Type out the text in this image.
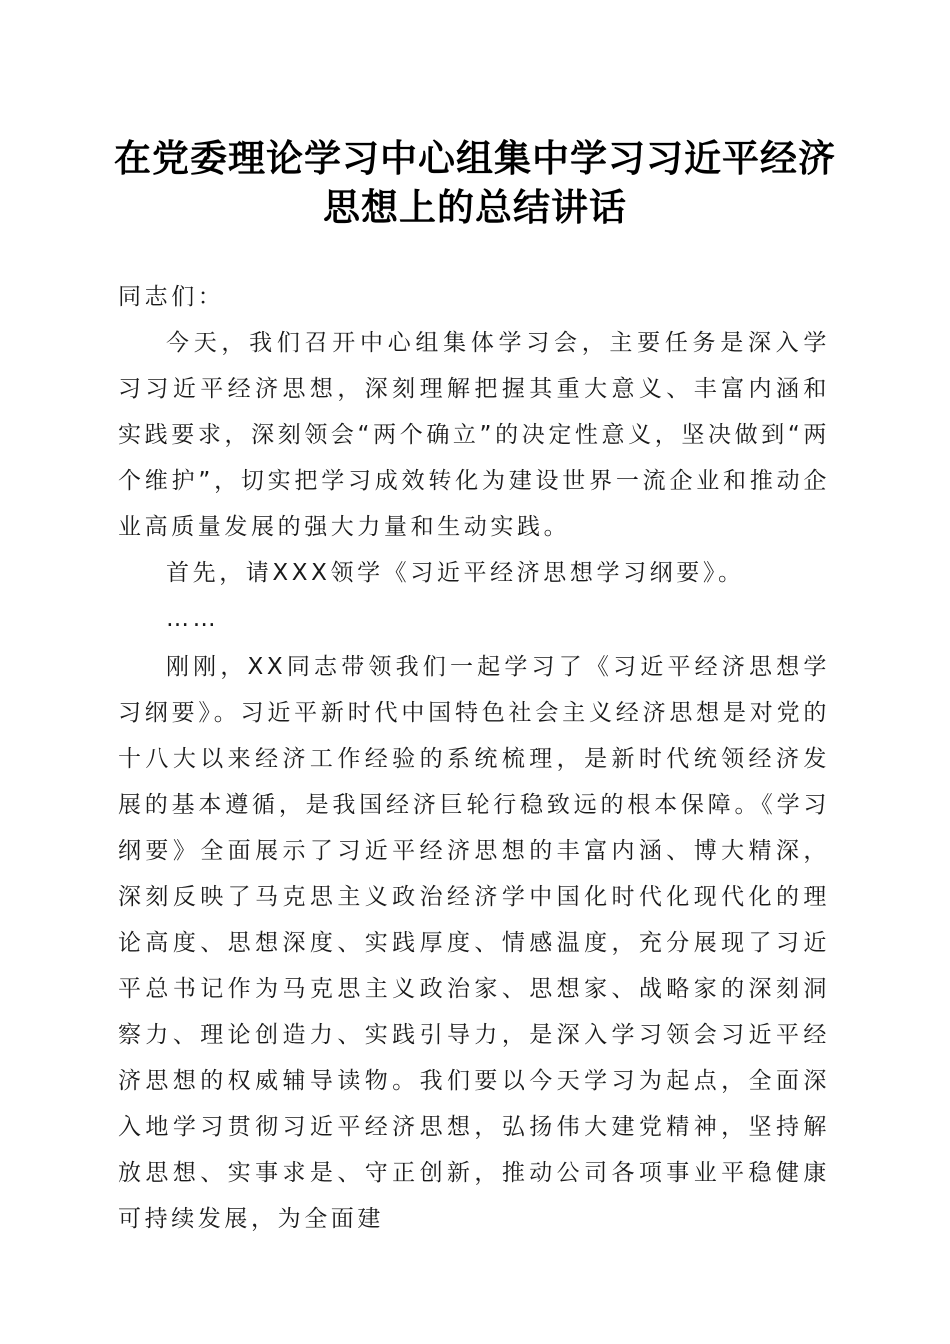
在党委理论学习中心组集中学习习近平经济思想上的总结讲话

同志们：

今天，我们召开中心组集体学习会，主要任务是深入学习习近平经济思想，深刻理解把握其重大意义、丰富内涵和实践要求，深刻领会“两个确立”的决定性意义，坚决做到“两个维护”，切实把学习成效转化为建设世界一流企业和推动企业高质量发展的强大力量和生动实践。

首先，请XXX领学《习近平经济思想学习纲要》。

……

刚刚，XX同志带领我们一起学习了《习近平经济思想学习纲要》。习近平新时代中国特色社会主义经济思想是对党的十八大以来经济工作经验的系统梳理，是新时代统领经济发展的基本遵循，是我国经济巨轮行稳致远的根本保障。《学习纲要》全面展示了习近平经济思想的丰富内涵、博大精深，深刻反映了马克思主义政治经济学中国化时代化现代化的理论高度、思想深度、实践厚度、情感温度，充分展现了习近平总书记作为马克思主义政治家、思想家、战略家的深刻洞察力、理论创造力、实践引导力，是深入学习领会习近平经济思想的权威辅导读物。我们要以今天学习为起点，全面深入地学习贯彻习近平经济思想，弘扬伟大建党精神，坚持解放思想、实事求是、守正创新，推动公司各项事业平稳健康可持续发展，为全面建
